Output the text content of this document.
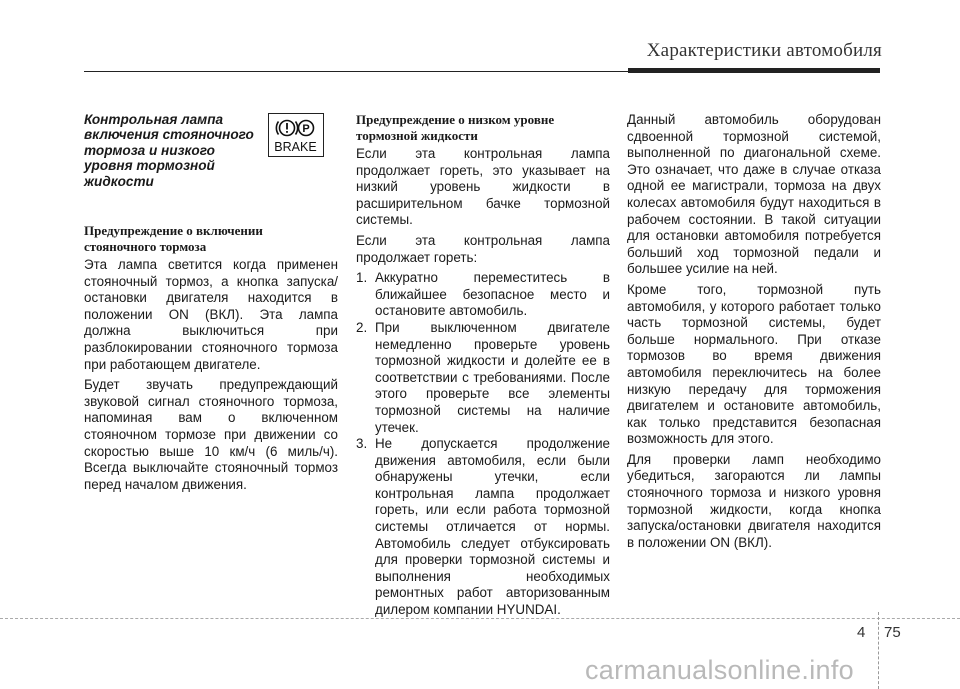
Характеристики автомобиля
P
BRAKE

Контрольная лампа
включения стояночного
тормоза и низкого
уровня тормозной
жидкости

Предупреждение о включении стояночного тормоза

Эта лампа светится когда применен стояночный тормоз, а кнопка запуска/остановки двигателя находится в положении ON (ВКЛ). Эта лампа должна выключиться при разблокировании стояночного тормоза при работающем двигателе.

Будет звучать предупреждающий звуковой сигнал стояночного тормоза, напоминая вам о включенном стояночном тормозе при движении со скоростью выше 10 км/ч (6 миль/ч). Всегда выключайте стояночный тормоз перед началом движения.

Предупреждение о низком уровне тормозной жидкости

Если эта контрольная лампа продолжает гореть, это указывает на низкий уровень жидкости в расширительном бачке тормозной системы.

Если эта контрольная лампа продолжает гореть:

1. Аккуратно переместитесь в ближайшее безопасное место и остановите автомобиль.
2. При выключенном двигателе немедленно проверьте уровень тормозной жидкости и долейте ее в соответствии с требованиями. После этого проверьте все элементы тормозной системы на наличие утечек.
3. Не допускается продолжение движения автомобиля, если были обнаружены утечки, если контрольная лампа продолжает гореть, или если работа тормозной системы отличается от нормы. Автомобиль следует отбуксировать для проверки тормозной системы и выполнения необходимых ремонтных работ авторизованным дилером компании HYUNDAI.

Данный автомобиль оборудован сдвоенной тормозной системой, выполненной по диагональной схеме. Это означает, что даже в случае отказа одной ее магистрали, тормоза на двух колесах автомобиля будут находиться в рабочем состоянии. В такой ситуации для остановки автомобиля потребуется больший ход тормозной педали и большее усилие на ней.

Кроме того, тормозной путь автомобиля, у которого работает только часть тормозной системы, будет больше нормального. При отказе тормозов во время движения автомобиля переключитесь на более низкую передачу для торможения двигателем и остановите автомобиль, как только представится безопасная возможность для этого.

Для проверки ламп необходимо убедиться, загораются ли лампы стояночного тормоза и низкого уровня тормозной жидкости, когда кнопка запуска/остановки двигателя находится в положении ON (ВКЛ).

4 75
carmanualsonline.info
